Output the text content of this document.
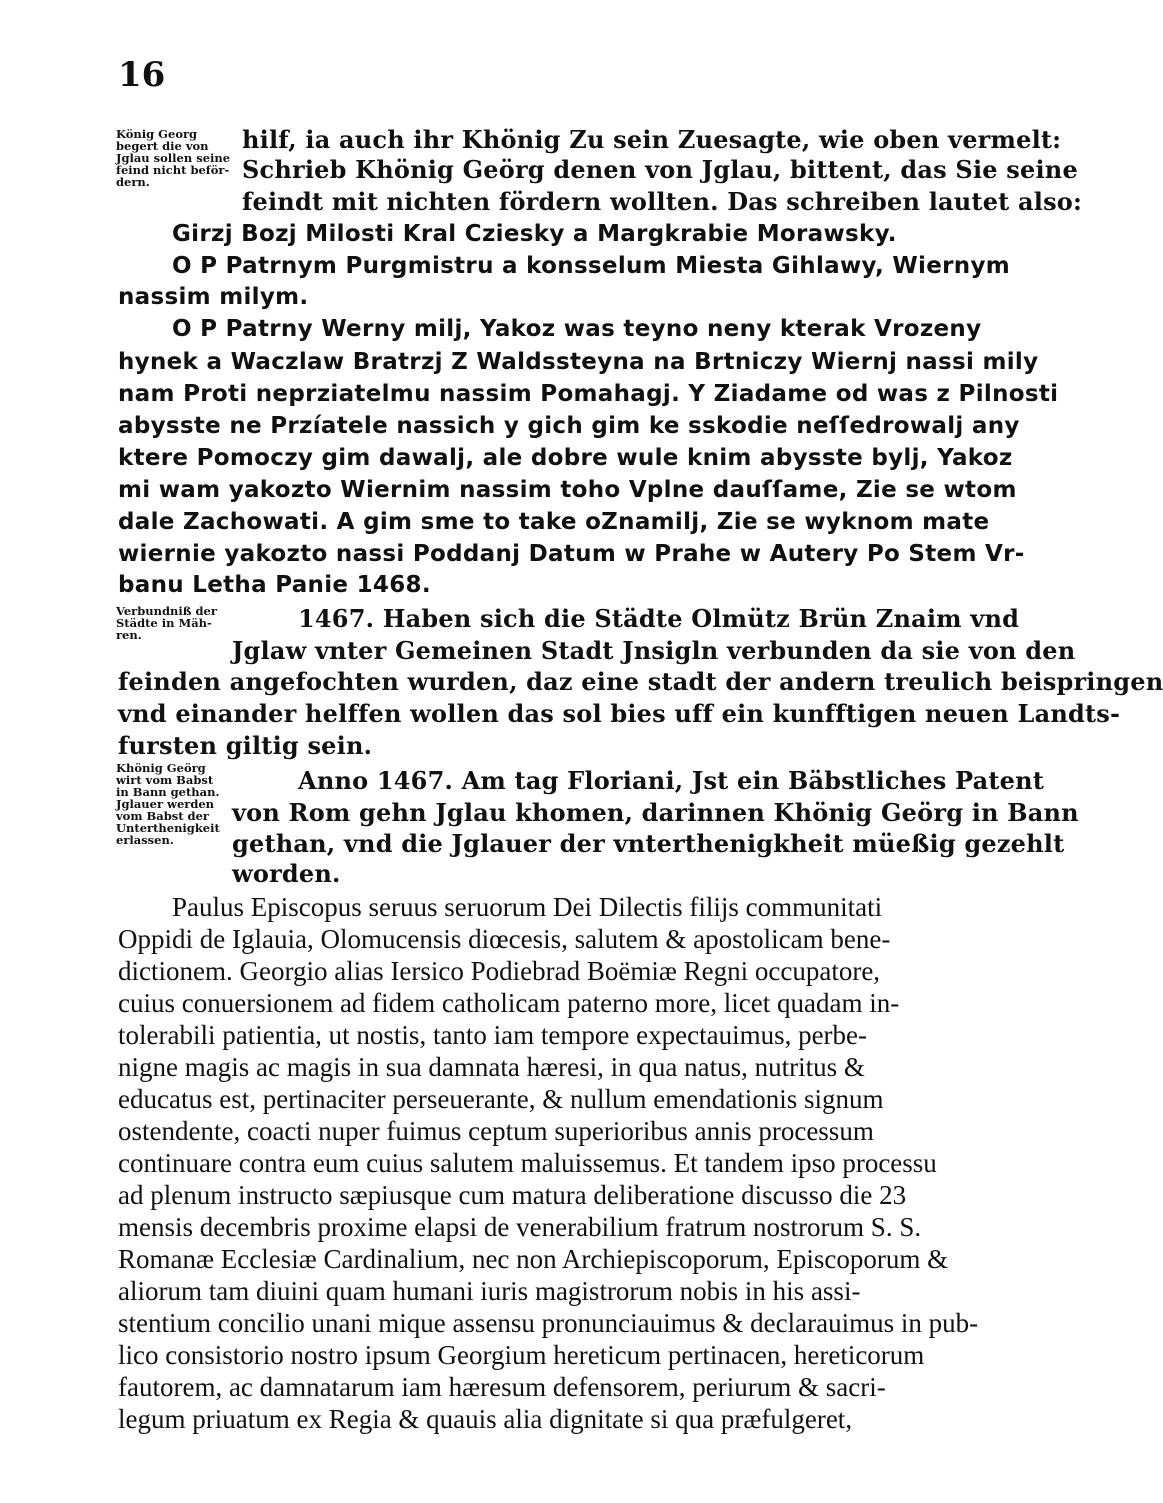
16

König Georg
begert die von
Jglau sollen seine
feind nicht beför-
dern.
Verbundniß der
Städte in Mäh-
ren.
Khönig Geörg
wirt vom Babst
in Bann gethan.
Jglauer werden
vom Babst der
Unterthenigkeit
erlassen.

hilf, ia auch ihr Khönig Zu sein Zuesagte, wie oben vermelt:

Schrieb Khönig Geörg denen von Jglau, bittent, das Sie seine

feindt mit nichten fördern wollten. Das schreiben lautet also:

Girzj Bozj Milosti Kral Cziesky a Margkrabie Morawsky.

O P Patrnym Purgmistru a konsselum Miesta Gihlawy, Wiernym

nassim milym.

O P Patrny Werny milj, Yakoz was teyno neny kterak Vrozeny

hynek a Waczlaw Bratrzj Z Waldssteyna na Brtniczy Wiernj nassi mily

nam Proti neprziatelmu nassim Pomahagj. Y Ziadame od was z Pilnosti

abysste ne Przíatele nassich y gich gim ke sskodie neſſedrowalj any

ktere Pomoczy gim dawalj, ale dobre wule knim abysste bylj, Yakoz

mi wam yakozto Wiernim nassim toho Vplne dauſſame, Zie se wtom

dale Zachowati. A gim sme to take oZnamilj, Zie se wyknom mate

wiernie yakozto nassi Poddanj Datum w Prahe w Autery Po Stem Vr-

banu Letha Panie 1468.

1467. Haben sich die Städte Olmütz Brün Znaim vnd

Jglaw vnter Gemeinen Stadt Jnsigln verbunden da sie von den

feinden angefochten wurden, daz eine stadt der andern treulich beispringen

vnd einander helffen wollen das sol bies uff ein kunfftigen neuen Landts-

fursten giltig sein.

Anno 1467. Am tag Floriani, Jst ein Bäbstliches Patent

von Rom gehn Jglau khomen, darinnen Khönig Geörg in Bann

gethan, vnd die Jglauer der vnterthenigkheit müeßig gezehlt

worden.

Paulus Episcopus seruus seruorum Dei Dilectis filijs communitati

Oppidi de Iglauia, Olomucensis diœcesis, salutem & apostolicam bene-

dictionem. Georgio alias Iersico Podiebrad Boëmiæ Regni occupatore,

cuius conuersionem ad fidem catholicam paterno more, licet quadam in-

tolerabili patientia, ut nostis, tanto iam tempore expectauimus, perbe-

nigne magis ac magis in sua damnata hæresi, in qua natus, nutritus &

educatus est, pertinaciter perseuerante, & nullum emendationis signum

ostendente, coacti nuper fuimus ceptum superioribus annis processum

continuare contra eum cuius salutem maluissemus. Et tandem ipso processu

ad plenum instructo sæpiusque cum matura deliberatione discusso die 23

mensis decembris proxime elapsi de venerabilium fratrum nostrorum S. S.

Romanæ Ecclesiæ Cardinalium, nec non Archiepiscoporum, Episcoporum &

aliorum tam diuini quam humani iuris magistrorum nobis in his assi-

stentium concilio unani mique assensu pronunciauimus & declarauimus in pub-

lico consistorio nostro ipsum Georgium hereticum pertinacen, hereticorum

fautorem, ac damnatarum iam hæresum defensorem, periurum & sacri-

legum priuatum ex Regia & quauis alia dignitate si qua præfulgeret,
